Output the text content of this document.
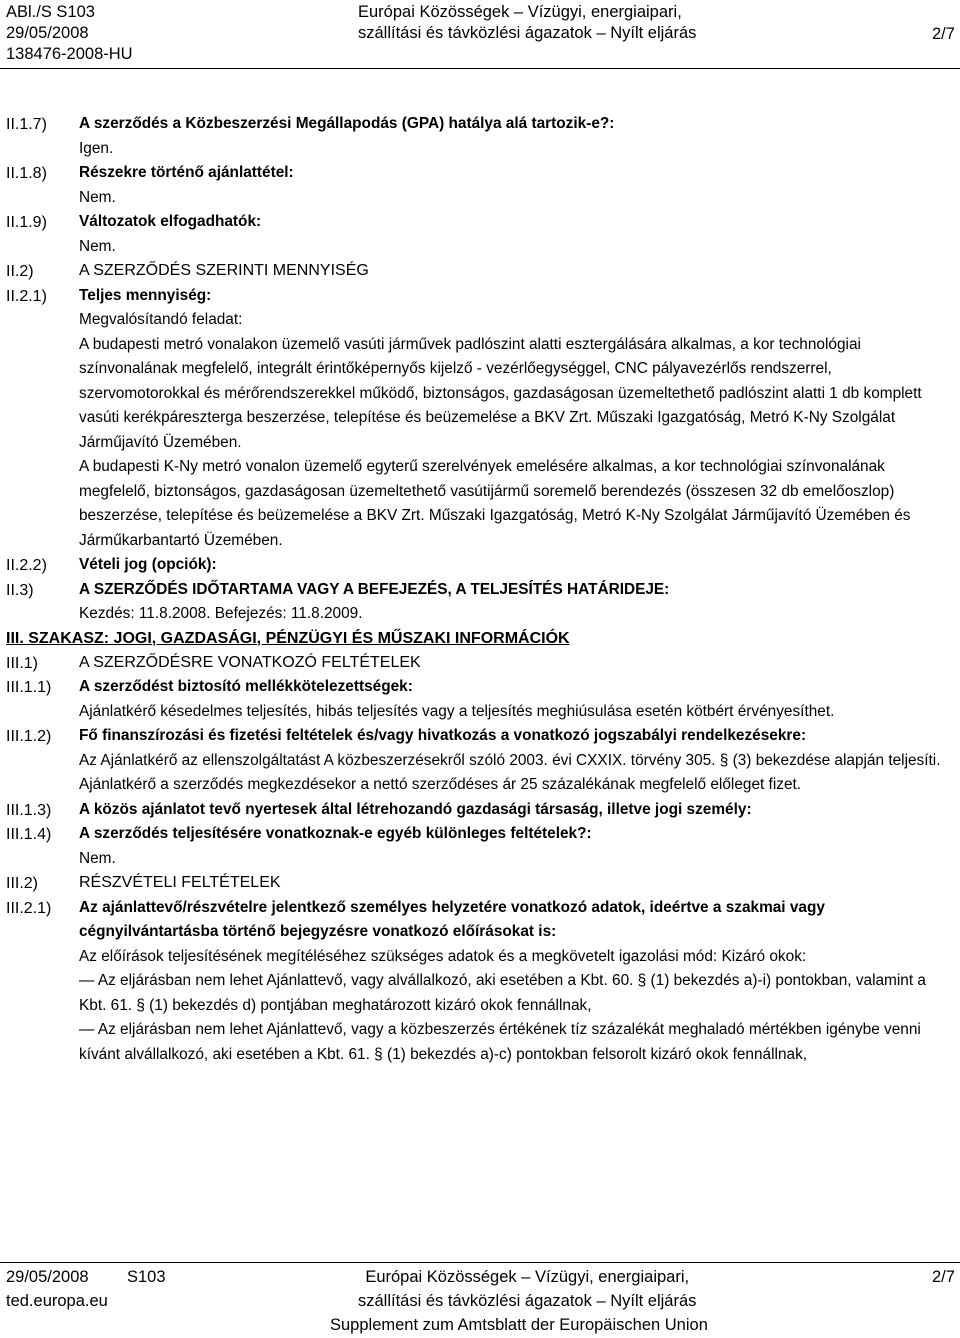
ABl./S S103
29/05/2008
138476-2008-HU
Európai Közösségek – Vízügyi, energiaipari,
szállítási és távközlési ágazatok – Nyílt eljárás	2/7
II.1.7) A szerződés a Közbeszerzési Megállapodás (GPA) hatálya alá tartozik-e?:
Igen.
II.1.8) Részekre történő ajánlattétel:
Nem.
II.1.9) Változatok elfogadhatók:
Nem.
II.2)	A SZERZŐDÉS SZERINTI MENNYISÉG
II.2.1) Teljes mennyiség:
Megvalósítandó feladat:
A budapesti metró vonalakon üzemelő vasúti járművek padlószint alatti esztergálására alkalmas, a kor technológiai színvonalának megfelelő, integrált érintőképernyős kijelző - vezérlőegységgel, CNC pályavezérlős rendszerrel, szervomotorokkal és mérőrendszerekkel működő, biztonságos, gazdaságosan üzemeltethető padlószint alatti 1 db komplett vasúti kerékpáreszterga beszerzése, telepítése és beüzemelése a BKV Zrt. Műszaki Igazgatóság, Metró K-Ny Szolgálat Járműjavító Üzemében.
A budapesti K-Ny metró vonalon üzemelő egyterű szerelvények emelésére alkalmas, a kor technológiai színvonalának megfelelő, biztonságos, gazdaságosan üzemeltethető vasútijármű soremelő berendezés (összesen 32 db emelőoszlop) beszerzése, telepítése és beüzemelése a BKV Zrt. Műszaki Igazgatóság, Metró K-Ny Szolgálat Járműjavító Üzemében és Járműkarbantartó Üzemében.
II.2.2) Vételi jog (opciók):
II.3)	A SZERZŐDÉS IDŐTARTAMA VAGY A BEFEJEZÉS, A TELJESÍTÉS HATÁRIDEJE:
Kezdés: 11.8.2008. Befejezés: 11.8.2009.
III. SZAKASZ: JOGI, GAZDASÁGI, PÉNZÜGYI ÉS MŰSZAKI INFORMÁCIÓK
III.1)	A SZERZŐDÉSRE VONATKOZÓ FELTÉTELEK
III.1.1) A szerződést biztosító mellékkötelezettségek:
Ajánlatkérő késedelmes teljesítés, hibás teljesítés vagy a teljesítés meghiúsulása esetén kötbért érvényesíthet.
III.1.2) Fő finanszírozási és fizetési feltételek és/vagy hivatkozás a vonatkozó jogszabályi rendelkezésekre:
Az Ajánlatkérő az ellenszolgáltatást A közbeszerzésekről szóló 2003. évi CXXIX. törvény 305. § (3) bekezdése alapján teljesíti.
Ajánlatkérő a szerződés megkezdésekor a nettó szerződéses ár 25 százalékának megfelelő előleget fizet.
III.1.3) A közös ajánlatot tevő nyertesek által létrehozandó gazdasági társaság, illetve jogi személy:
III.1.4) A szerződés teljesítésére vonatkoznak-e egyéb különleges feltételek?:
Nem.
III.2)	RÉSZVÉTELI FELTÉTELEK
III.2.1) Az ajánlattevő/részvételre jelentkező személyes helyzetére vonatkozó adatok, ideértve a szakmai vagy cégnyilvántartásba történő bejegyzésre vonatkozó előírásokat is:
Az előírások teljesítésének megítéléséhez szükséges adatok és a megkövetelt igazolási mód: Kizáró okok:
— Az eljárásban nem lehet Ajánlattevő, vagy alvállalkozó, aki esetében a Kbt. 60. § (1) bekezdés a)-i) pontokban, valamint a Kbt. 61. § (1) bekezdés d) pontjában meghatározott kizáró okok fennállnak,
— Az eljárásban nem lehet Ajánlattevő, vagy a közbeszerzés értékének tíz százalékát meghaladó mértékben igénybe venni kívánt alvállalkozó, aki esetében a Kbt. 61. § (1) bekezdés a)-c) pontokban felsorolt kizáró okok fennállnak,
29/05/2008 S103
ted.europa.eu
Európai Közösségek – Vízügyi, energiaipari,
szállítási és távközlési ágazatok – Nyílt eljárás
Supplement zum Amtsblatt der Europäischen Union
2/7
